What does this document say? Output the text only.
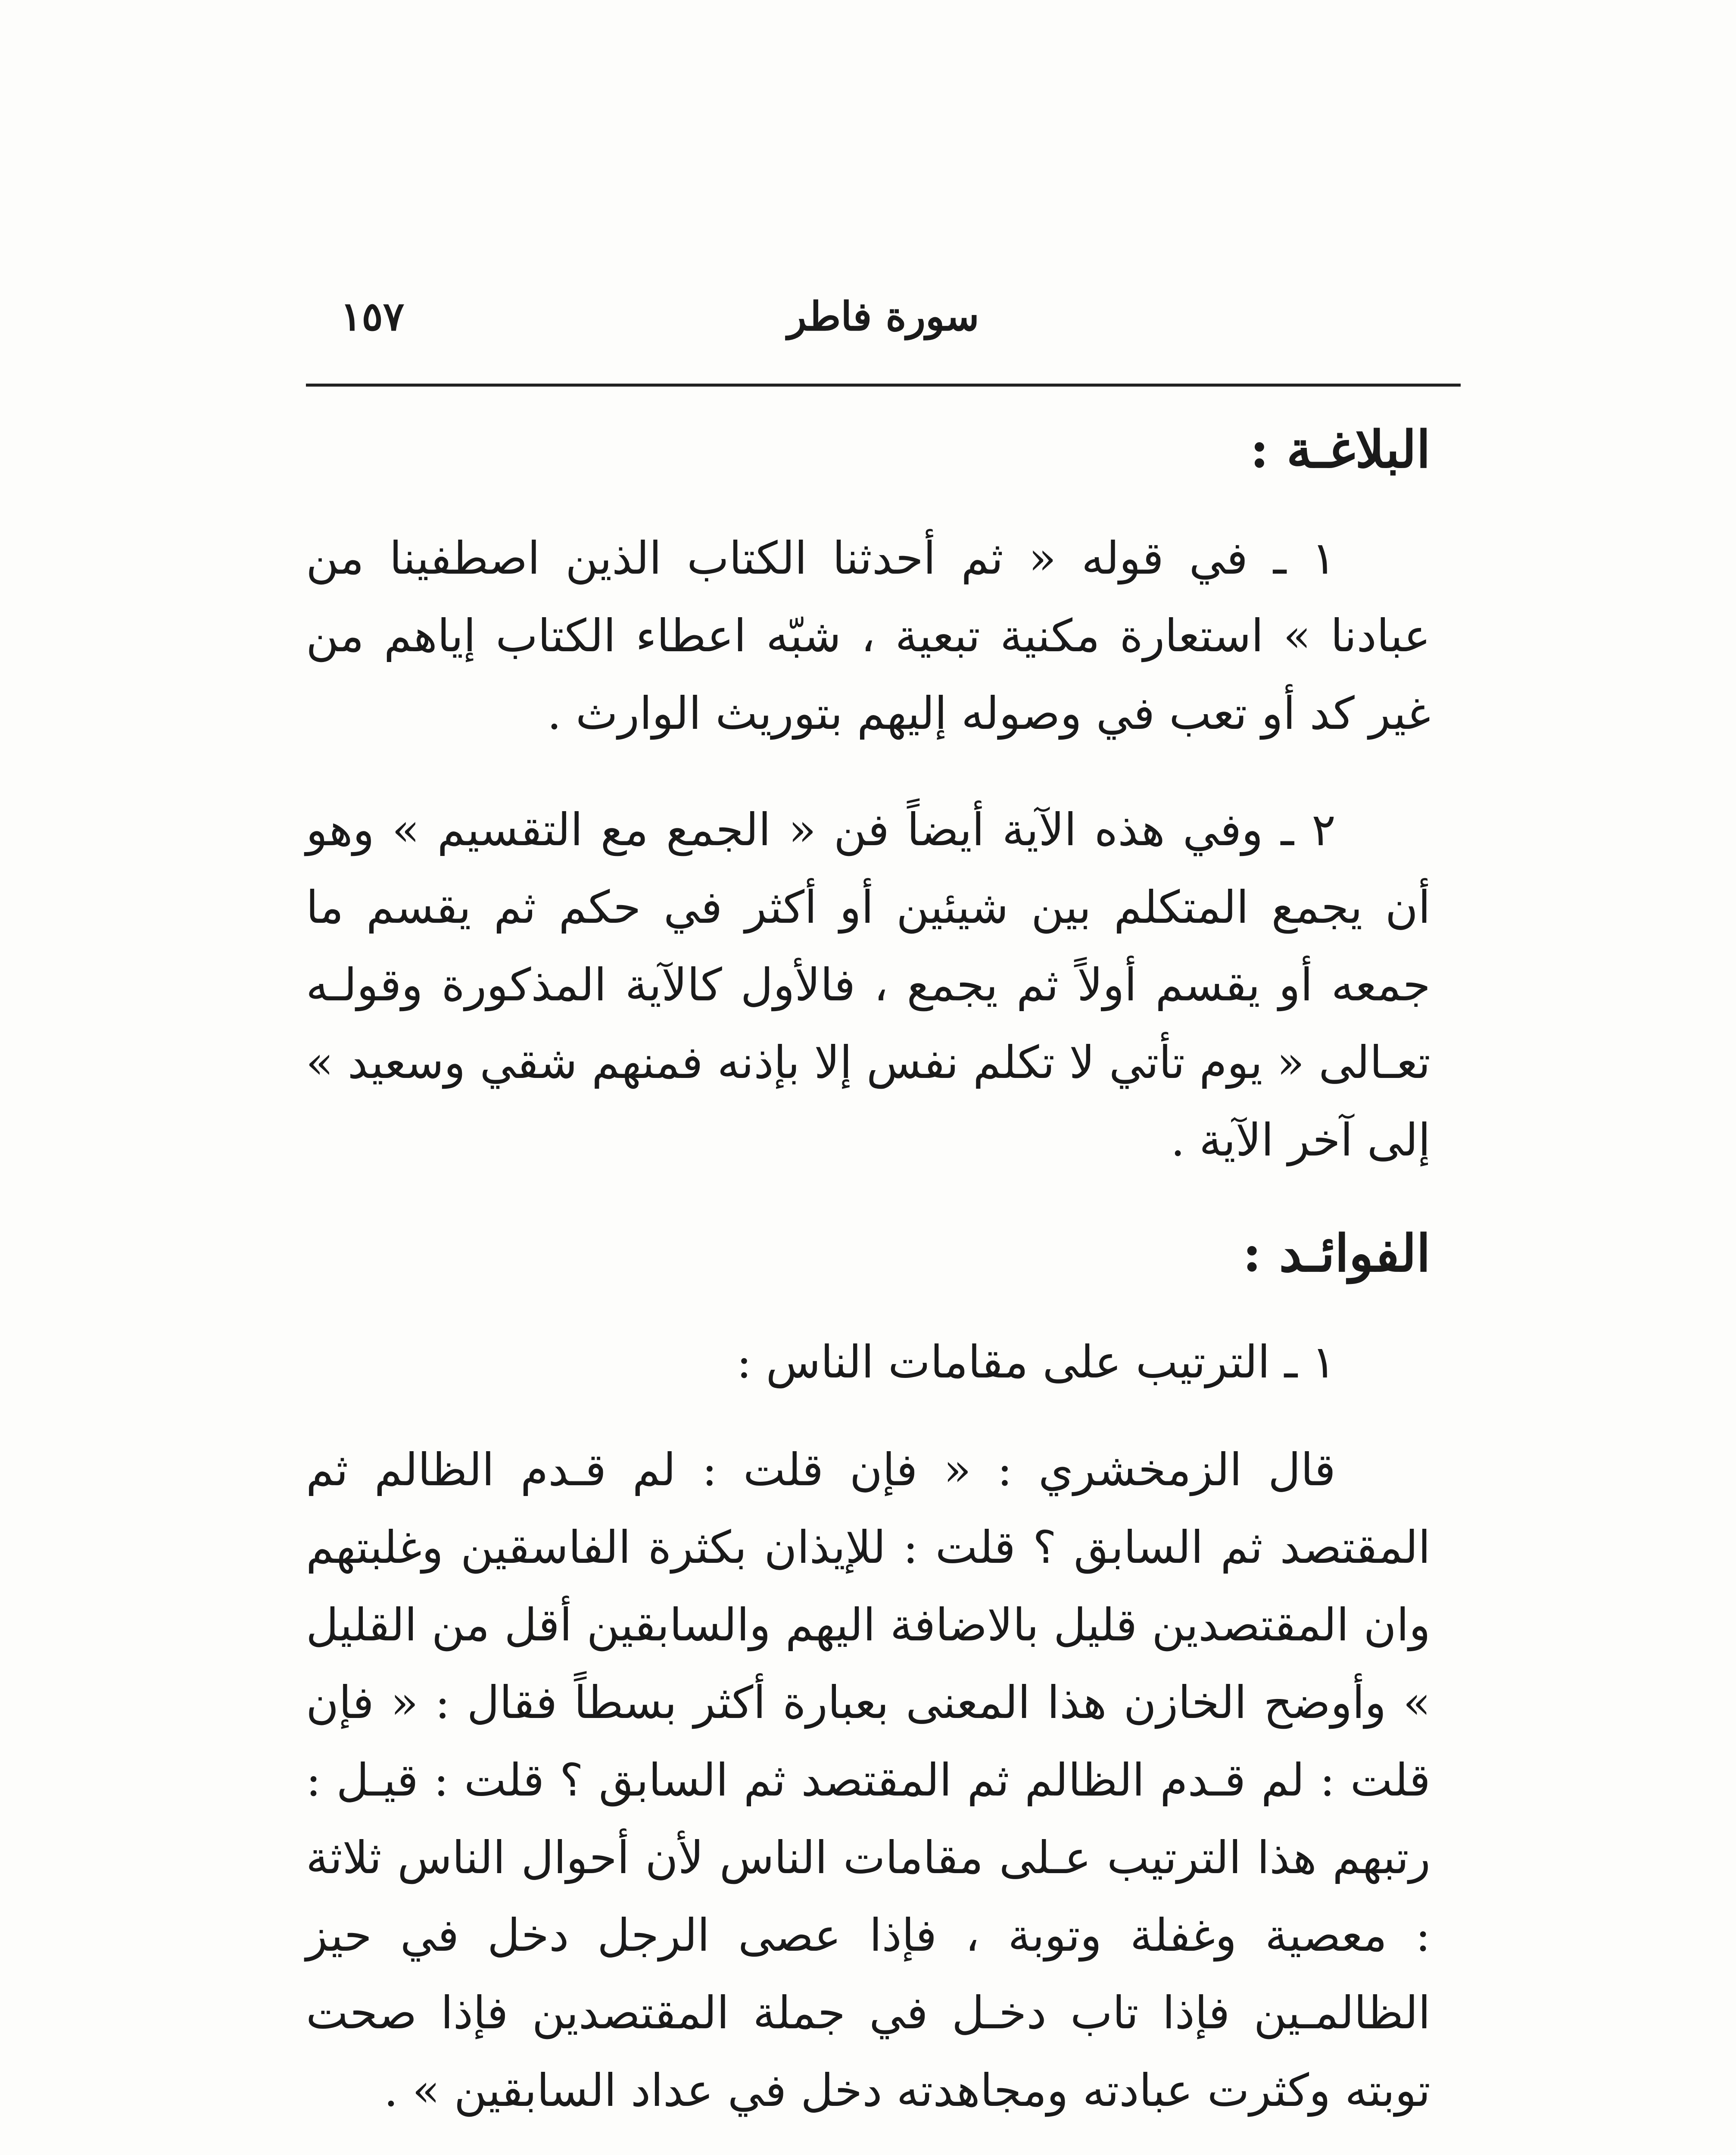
سورة فاطر
١٥٧
البلاغـة :

١ ـ في قوله « ثم أحدثنا الكتاب الذين اصطفينا من عبادنا » استعارة مكنية تبعية ، شبّه اعطاء الكتاب إياهم من غير كد أو تعب في وصوله إليهم بتوريث الوارث .

٢ ـ وفي هذه الآية أيضاً فن « الجمع مع التقسيم » وهو أن يجمع المتكلم بين شيئين أو أكثر في حكم ثم يقسم ما جمعه أو يقسم أولاً ثم يجمع ، فالأول كالآية المذكورة وقولـه تعـالى « يوم تأتي لا تكلم نفس إلا بإذنه فمنهم شقي وسعيد » إلى آخر الآية .

الفوائـد :

١ ـ الترتيب على مقامات الناس :

قال الزمخشري : « فإن قلت : لم قـدم الظالم ثم المقتصد ثم السابق ؟ قلت : للإيذان بكثرة الفاسقين وغلبتهم وان المقتصدين قليل بالاضافة اليهم والسابقين أقل من القليل » وأوضح الخازن هذا المعنى بعبارة أكثر بسطاً فقال : « فإن قلت : لم قـدم الظالم ثم المقتصد ثم السابق ؟ قلت : قيـل : رتبهم هذا الترتيب عـلى مقامات الناس لأن أحوال الناس ثلاثة : معصية وغفلة وتوبة ، فإذا عصى الرجل دخل في حيز الظالمـين فإذا تاب دخـل في جملة المقتصدين فإذا صحت توبته وكثرت عبادته ومجاهدته دخل في عداد السابقين » .
